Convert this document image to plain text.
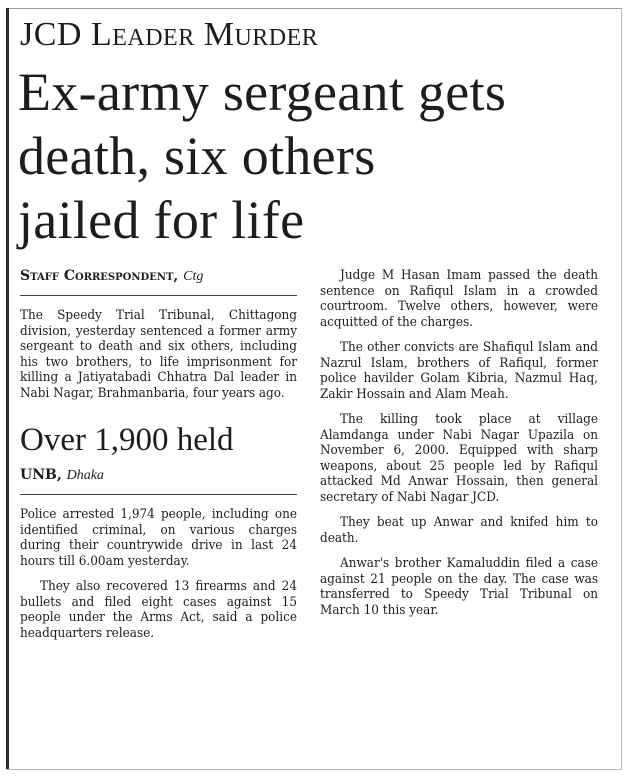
JCD Leader Murder
Ex-army sergeant gets
death, six others
jailed for life
Staff Correspondent, Ctg

The Speedy Trial Tribunal, Chittagong division, yesterday sentenced a former army sergeant to death and six others, including his two brothers, to life imprisonment for killing a Jatiyatabadi Chhatra Dal leader in Nabi Nagar, Brahmanbaria, four years ago.

Over 1,900 held
UNB, Dhaka

Police arrested 1,974 people, including one identified criminal, on various charges during their countrywide drive in last 24 hours till 6.00am yesterday.

They also recovered 13 firearms and 24 bullets and filed eight cases against 15 people under the Arms Act, said a police headquarters release.

Judge M Hasan Imam passed the death sentence on Rafiqul Islam in a crowded courtroom. Twelve others, however, were acquitted of the charges.

The other convicts are Shafiqul Islam and Nazrul Islam, brothers of Rafiqul, former police havilder Golam Kibria, Nazmul Haq, Zakir Hossain and Alam Meah.

The killing took place at village Alamdanga under Nabi Nagar Upazila on November 6, 2000. Equipped with sharp weapons, about 25 people led by Rafiqul attacked Md Anwar Hossain, then general secretary of Nabi Nagar JCD.

They beat up Anwar and knifed him to death.

Anwar's brother Kamaluddin filed a case against 21 people on the day. The case was transferred to Speedy Trial Tribunal on March 10 this year.
